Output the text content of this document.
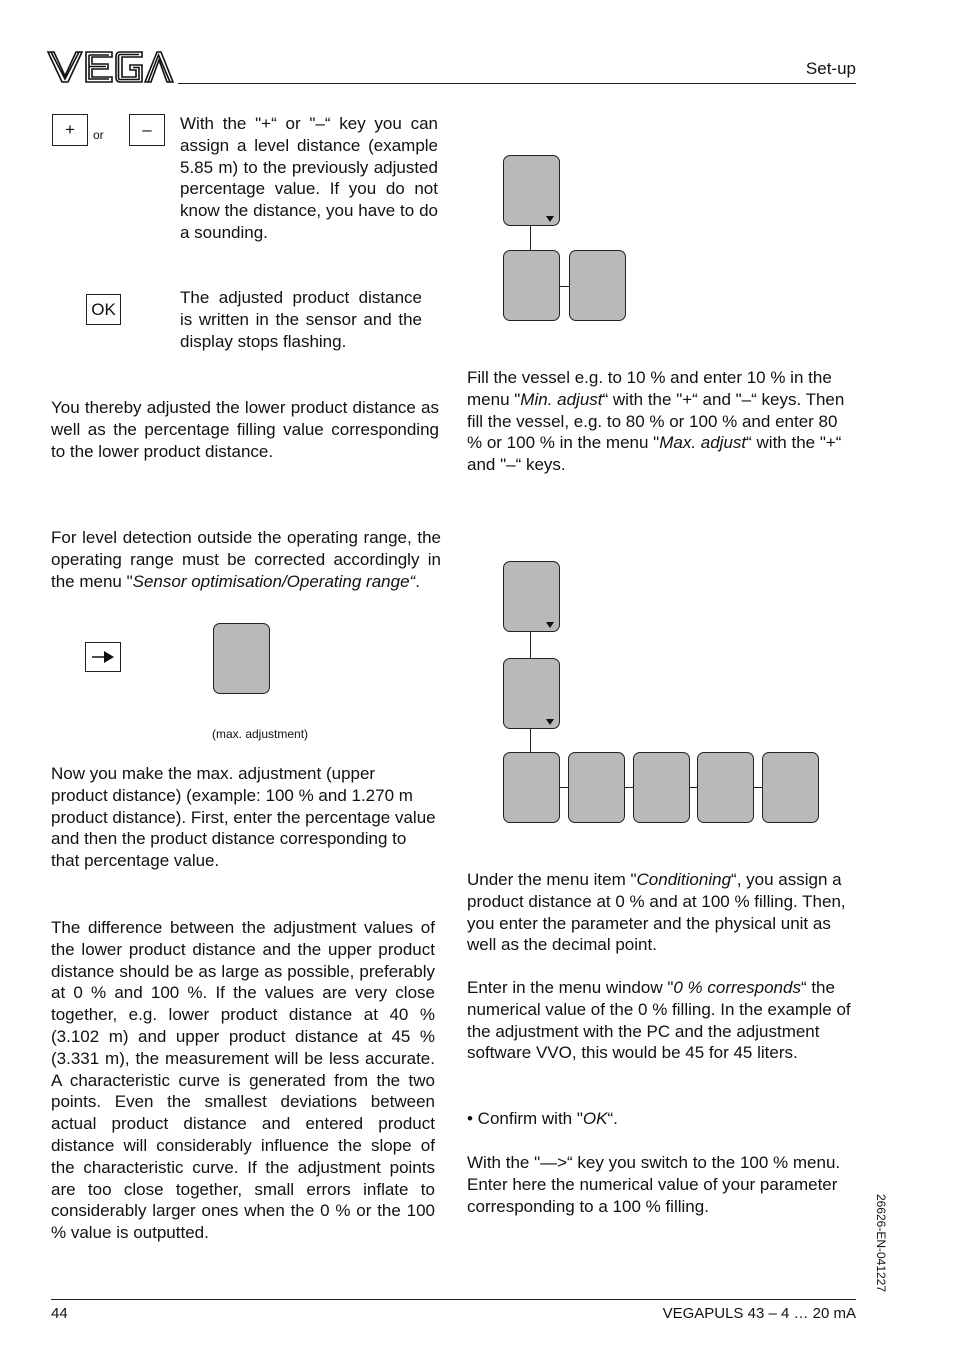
Set-up
+ or – With the "+“ or "–“ key you can assign a level distance (example 5.85 m) to the previously adjusted percentage value. If you do not know the distance, you have to do a sounding.
OK
The adjusted product distance is written in the sensor and the display stops flashing.
You thereby adjusted the lower product distance as well as the percentage filling value corresponding to the lower product distance.
For level detection outside the operating range, the operating range must be corrected accordingly in the menu "Sensor optimisation/Operating range“.
(max. adjustment)
Now you make the max. adjustment (upper product distance) (example: 100 % and 1.270 m product distance). First, enter the percentage value and then the product distance corresponding to that percentage value.
The difference between the adjustment values of the lower product distance and the upper product distance should be as large as possible, preferably at 0 % and 100 %. If the values are very close together, e.g. lower product distance at 40 % (3.102 m) and upper product distance at 45 % (3.331 m), the measurement will be less accurate. A characteristic curve is generated from the two points. Even the smallest deviations between actual product distance and entered product distance will considerably influence the slope of the characteristic curve. If the adjustment points are too close together, small errors inflate to considerably larger ones when the 0 % or the 100 % value is outputted.
Fill the vessel e.g. to 10 % and enter 10 % in the menu "Min. adjust“ with the "+“ and "–“ keys. Then fill the vessel, e.g. to 80 % or 100 % and enter 80 % or 100 % in the menu "Max. adjust“ with the "+“ and "–“ keys.
Under the menu item "Conditioning“, you assign a product distance at 0 % and at 100 % filling. Then, you enter the parameter and the physical unit as well as the decimal point.
Enter in the menu window "0 % corresponds“ the numerical value of the 0 % filling. In the example of the adjustment with the PC and the adjustment software VVO, this would be 45 for 45 liters.
• Confirm with "OK“.
With the "—>“ key you switch to the 100 % menu. Enter here the numerical value of your parameter corresponding to a 100 % filling.	26626-EN-041227
44	VEGAPULS 43 – 4 … 20 mA
